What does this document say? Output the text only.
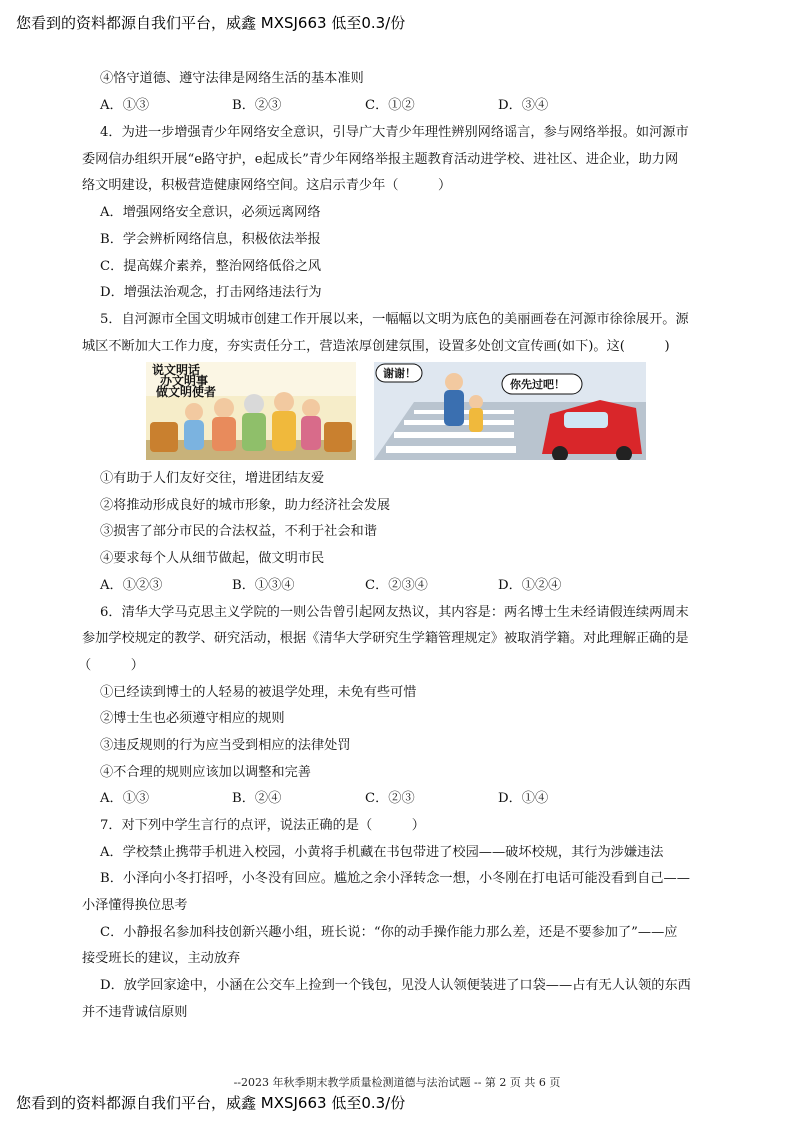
您看到的资料都源自我们平台，威鑫 MXSJ663 低至0.3/份
④恪守道德、遵守法律是网络生活的基本准则
A．①③	B．②③	C．①②	D．③④
4．为进一步增强青少年网络安全意识，引导广大青少年理性辨别网络谣言，参与网络举报。如河源市
委网信办组织开展“e路守护，e起成长”青少年网络举报主题教育活动进学校、进社区、进企业，助力网
络文明建设，积极营造健康网络空间。这启示青少年（　　　）
A．增强网络安全意识，必须远离网络
B．学会辨析网络信息，积极依法举报
C．提高媒介素养，整治网络低俗之风
D．增强法治观念，打击网络违法行为
5．自河源市全国文明城市创建工作开展以来，一幅幅以文明为底色的美丽画卷在河源市徐徐展开。源
城区不断加大工作力度，夯实责任分工，营造浓厚创建氛围，设置多处创文宣传画(如下)。这(　　　)
说文明话
办文明事
做文明使者
谢谢！
你先过吧！
①有助于人们友好交往，增进团结友爱
②将推动形成良好的城市形象，助力经济社会发展
③损害了部分市民的合法权益，不利于社会和谐
④要求每个人从细节做起，做文明市民
A．①②③	B．①③④	C．②③④	D．①②④
6．清华大学马克思主义学院的一则公告曾引起网友热议，其内容是：两名博士生未经请假连续两周末
参加学校规定的教学、研究活动，根据《清华大学研究生学籍管理规定》被取消学籍。对此理解正确的是
（　　　）
①已经读到博士的人轻易的被退学处理，未免有些可惜
②博士生也必须遵守相应的规则
③违反规则的行为应当受到相应的法律处罚
④不合理的规则应该加以调整和完善
A．①③	B．②④	C．②③	D．①④
7．对下列中学生言行的点评，说法正确的是（　　　）
A．学校禁止携带手机进入校园，小黄将手机藏在书包带进了校园——破坏校规，其行为涉嫌违法
B．小泽向小冬打招呼，小冬没有回应。尴尬之余小泽转念一想，小冬刚在打电话可能没看到自己——
小泽懂得换位思考
C．小静报名参加科技创新兴趣小组，班长说：“你的动手操作能力那么差，还是不要参加了”——应
接受班长的建议，主动放弃
D．放学回家途中，小涵在公交车上捡到一个钱包，见没人认领便装进了口袋——占有无人认领的东西
并不违背诚信原则
--2023 年秋季期末教学质量检测道德与法治试题 -- 第 2 页 共 6 页
您看到的资料都源自我们平台，威鑫 MXSJ663 低至0.3/份
